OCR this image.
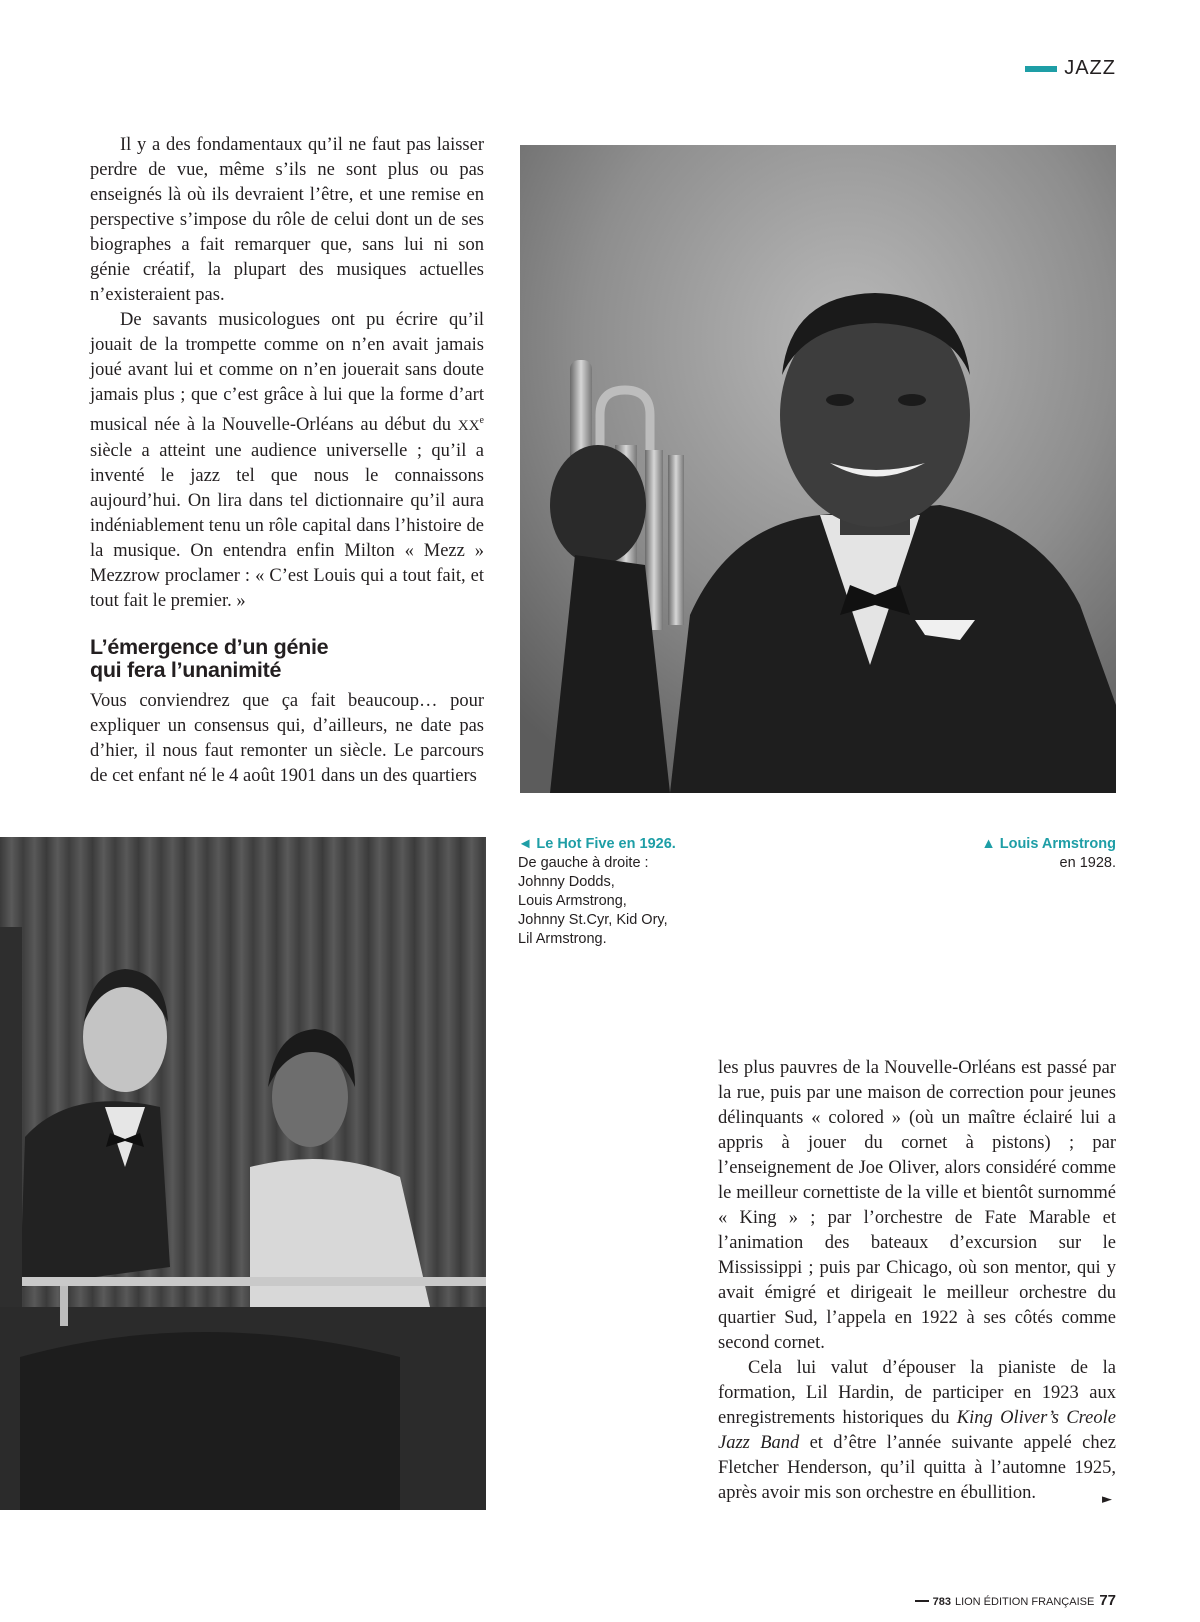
JAZZ

Il y a des fondamentaux qu’il ne faut pas laisser perdre de vue, même s’ils ne sont plus ou pas enseignés là où ils devraient l’être, et une remise en perspective s’impose du rôle de celui dont un de ses biographes a fait remarquer que, sans lui ni son génie créatif, la plupart des musiques actuelles n’existeraient pas.

De savants musicologues ont pu écrire qu’il jouait de la trompette comme on n’en avait jamais joué avant lui et comme on n’en jouerait sans doute jamais plus ; que c’est grâce à lui que la forme d’art musical née à la Nouvelle-Orléans au début du XXe siècle a atteint une audience universelle ; qu’il a inventé le jazz tel que nous le connaissons aujourd’hui. On lira dans tel dictionnaire qu’il aura indéniablement tenu un rôle capital dans l’histoire de la musique. On entendra enfin Milton « Mezz » Mezzrow proclamer : « C’est Louis qui a tout fait, et tout fait le premier. »

L’émergence d’un génie
qui fera l’unanimité

Vous conviendrez que ça fait beaucoup… pour expliquer un consensus qui, d’ailleurs, ne date pas d’hier, il nous faut remonter un siècle. Le parcours de cet enfant né le 4 août 1901 dans un des quartiers

◄ Le Hot Five en 1926.
De gauche à droite :
Johnny Dodds,
Louis Armstrong,
Johnny St.Cyr, Kid Ory,
Lil Armstrong.
▲ Louis Armstrong
en 1928.

les plus pauvres de la Nouvelle-Orléans est passé par la rue, puis par une maison de correction pour jeunes délinquants « colored » (où un maître éclairé lui a appris à jouer du cornet à pistons) ; par l’enseignement de Joe Oliver, alors considéré comme le meilleur cornettiste de la ville et bientôt surnommé « King » ; par l’orchestre de Fate Marable et l’animation des bateaux d’excursion sur le Mississippi ; puis par Chicago, où son mentor, qui y avait émigré et dirigeait le meilleur orchestre du quartier Sud, l’appela en 1922 à ses côtés comme second cornet.

Cela lui valut d’épouser la pianiste de la formation, Lil Hardin, de participer en 1923 aux enregistrements historiques du King Oliver’s Creole Jazz Band et d’être l’année suivante appelé chez Fletcher Henderson, qu’il quitta à l’automne 1925, après avoir mis son orchestre en ébullition.	►
783 LION ÉDITION FRANÇAISE 77
